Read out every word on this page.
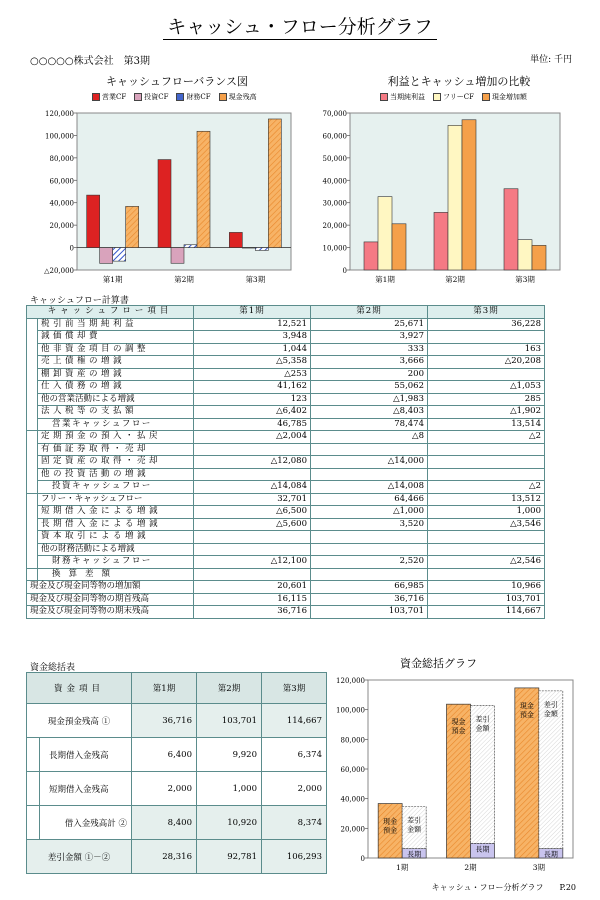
キャッシュ・フロー分析グラフ
○○○○○株式会社　第3期	単位: 千円
キャッシュフローバランス図
営業CF	投資CF	財務CF	現金残高
120,000
100,000
80,000
60,000
40,000
20,000
0
△20,000
第1期	第2期	第3期
利益とキャッシュ増加の比較
当期純利益	フリーCF	現金増加額
70,000
60,000
50,000
40,000
30,000
20,000
10,000
0
第1期	第2期	第3期
キャッシュフロー計算書
キャッシュフロー項目		第1期	第2期	第3期
	税引前当期純利益	12,521	25,671	36,228
	減価償却費	3,948	3,927	
	他非資金項目の調整	1,044	333	163
	売上債権の増減	△5,358	3,666	△20,208
	棚卸資産の増減	△253	200	
	仕入債務の増減	41,162	55,062	△1,053
	他の営業活動による増減	123	△1,983	285
	法人税等の支払額	△6,402	△8,403	△1,902
	営業キャッシュフロー	46,785	78,474	13,514
	定期預金の預入・払戻	△2,004	△8	△2
	有価証券取得・売却			
	固定資産の取得・売却	△12,080	△14,000	
	他の投資活動の増減			
	投資キャッシュフロー	△14,084	△14,008	△2
	フリー・キャッシュフロー	32,701	64,466	13,512
	短期借入金による増減	△6,500	△1,000	1,000
	長期借入金による増減	△5,600	3,520	△3,546
	資本取引による増減			
	他の財務活動による増減			
	財務キャッシュフロー	△12,100	2,520	△2,546
	換算差額			
現金及び現金同等物の増加額		20,601	66,985	10,966
現金及び現金同等物の期首残高		16,115	36,716	103,701
現金及び現金同等物の期末残高		36,716	103,701	114,667
資金総括表
資金項目	第1期	第2期	第3期
現金預金残高 ①	36,716	103,701	114,667

長期借入金残高	6,400	9,920	6,374

短期借入金残高	2,000	1,000	2,000

借入金残高計 ②	8,400	10,920	8,374
差引金額 ①－②	28,316	92,781	106,293
資金総括グラフ
120,000
100,000
80,000
60,000
40,000
20,000
0
現金
預金
長期
差引
金額
1期
現金
預金
長期
差引
金額
2期
現金
預金
長期
差引
金額
3期
キャッシュ・フロー分析グラフ　　P.20
